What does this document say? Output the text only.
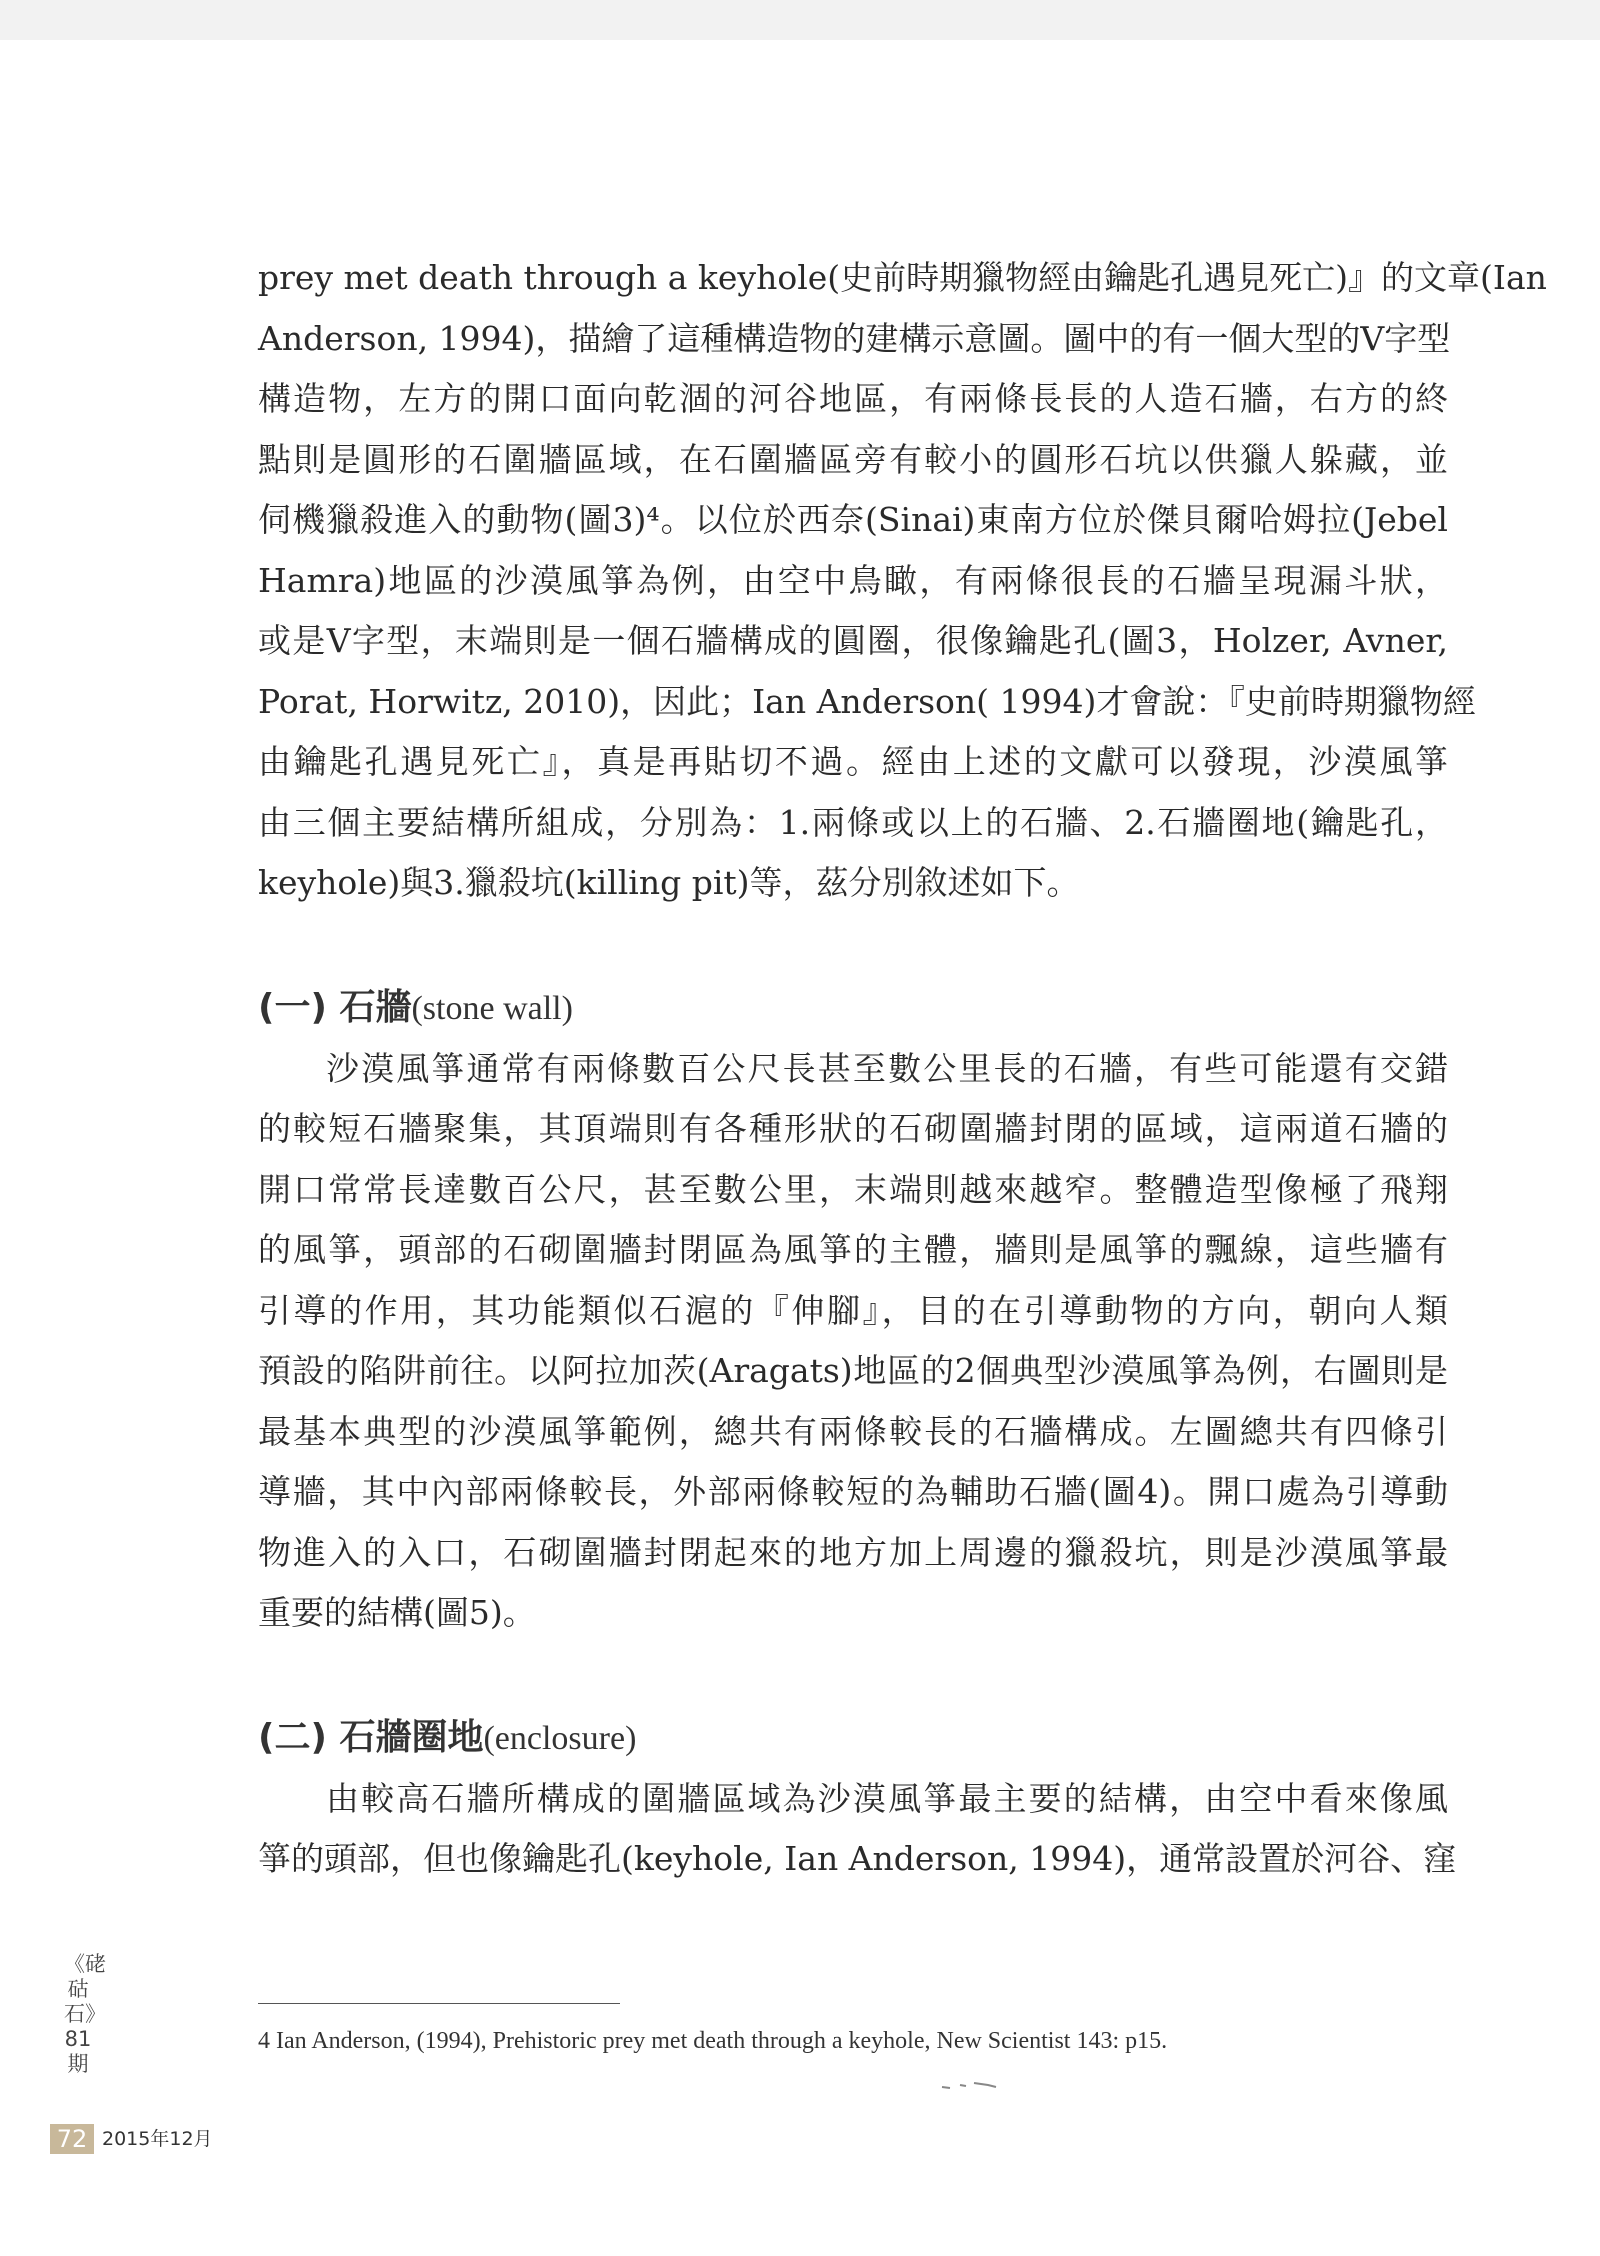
prey met death through a keyhole(史前時期獵物經由鑰匙孔遇見死亡)』的文章(Ian
Anderson, 1994)，描繪了這種構造物的建構示意圖。圖中的有一個大型的V字型
構造物，左方的開口面向乾涸的河谷地區，有兩條長長的人造石牆，右方的終
點則是圓形的石圍牆區域，在石圍牆區旁有較小的圓形石坑以供獵人躲藏，並
伺機獵殺進入的動物(圖3)⁴。以位於西奈(Sinai)東南方位於傑貝爾哈姆拉(Jebel
Hamra)地區的沙漠風箏為例，由空中鳥瞰，有兩條很長的石牆呈現漏斗狀，
或是V字型，末端則是一個石牆構成的圓圈，很像鑰匙孔(圖3，Holzer, Avner,
Porat, Horwitz, 2010)，因此；Ian Anderson( 1994)才會說：『史前時期獵物經
由鑰匙孔遇見死亡』，真是再貼切不過。經由上述的文獻可以發現，沙漠風箏
由三個主要結構所組成，分別為：1.兩條或以上的石牆、2.石牆圈地(鑰匙孔，
keyhole)與3.獵殺坑(killing pit)等，茲分別敘述如下。
(一) 石牆(stone wall)
沙漠風箏通常有兩條數百公尺長甚至數公里長的石牆，有些可能還有交錯
的較短石牆聚集，其頂端則有各種形狀的石砌圍牆封閉的區域，這兩道石牆的
開口常常長達數百公尺，甚至數公里，末端則越來越窄。整體造型像極了飛翔
的風箏，頭部的石砌圍牆封閉區為風箏的主體，牆則是風箏的飄線，這些牆有
引導的作用，其功能類似石滬的『伸腳』，目的在引導動物的方向，朝向人類
預設的陷阱前往。以阿拉加茨(Aragats)地區的2個典型沙漠風箏為例，右圖則是
最基本典型的沙漠風箏範例，總共有兩條較長的石牆構成。左圖總共有四條引
導牆，其中內部兩條較長，外部兩條較短的為輔助石牆(圖4)。開口處為引導動
物進入的入口，石砌圍牆封閉起來的地方加上周邊的獵殺坑，則是沙漠風箏最
重要的結構(圖5)。
(二) 石牆圈地(enclosure)
由較高石牆所構成的圍牆區域為沙漠風箏最主要的結構，由空中看來像風
箏的頭部，但也像鑰匙孔(keyhole, Ian Anderson, 1994)，通常設置於河谷、窪
4 Ian Anderson, (1994), Prehistoric prey met death through a keyhole, New Scientist 143: p15.
《硓𥑮石》81期
72 2015年12月
